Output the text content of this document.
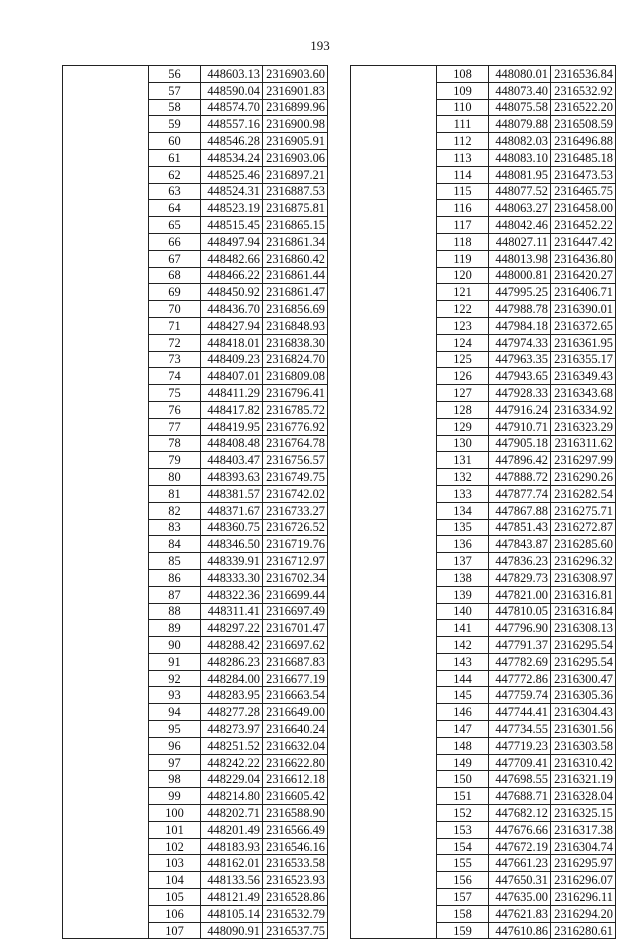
193
	56	448603.13	2316903.60
	57	448590.04	2316901.83
	58	448574.70	2316899.96
	59	448557.16	2316900.98
	60	448546.28	2316905.91
	61	448534.24	2316903.06
	62	448525.46	2316897.21
	63	448524.31	2316887.53
	64	448523.19	2316875.81
	65	448515.45	2316865.15
	66	448497.94	2316861.34
	67	448482.66	2316860.42
	68	448466.22	2316861.44
	69	448450.92	2316861.47
	70	448436.70	2316856.69
	71	448427.94	2316848.93
	72	448418.01	2316838.30
	73	448409.23	2316824.70
	74	448407.01	2316809.08
	75	448411.29	2316796.41
	76	448417.82	2316785.72
	77	448419.95	2316776.92
	78	448408.48	2316764.78
	79	448403.47	2316756.57
	80	448393.63	2316749.75
	81	448381.57	2316742.02
	82	448371.67	2316733.27
	83	448360.75	2316726.52
	84	448346.50	2316719.76
	85	448339.91	2316712.97
	86	448333.30	2316702.34
	87	448322.36	2316699.44
	88	448311.41	2316697.49
	89	448297.22	2316701.47
	90	448288.42	2316697.62
	91	448286.23	2316687.83
	92	448284.00	2316677.19
	93	448283.95	2316663.54
	94	448277.28	2316649.00
	95	448273.97	2316640.24
	96	448251.52	2316632.04
	97	448242.22	2316622.80
	98	448229.04	2316612.18
	99	448214.80	2316605.42
	100	448202.71	2316588.90
	101	448201.49	2316566.49
	102	448183.93	2316546.16
	103	448162.01	2316533.58
	104	448133.56	2316523.93
	105	448121.49	2316528.86
	106	448105.14	2316532.79
	107	448090.91	2316537.75
	108	448080.01	2316536.84
	109	448073.40	2316532.92
	110	448075.58	2316522.20
	111	448079.88	2316508.59
	112	448082.03	2316496.88
	113	448083.10	2316485.18
	114	448081.95	2316473.53
	115	448077.52	2316465.75
	116	448063.27	2316458.00
	117	448042.46	2316452.22
	118	448027.11	2316447.42
	119	448013.98	2316436.80
	120	448000.81	2316420.27
	121	447995.25	2316406.71
	122	447988.78	2316390.01
	123	447984.18	2316372.65
	124	447974.33	2316361.95
	125	447963.35	2316355.17
	126	447943.65	2316349.43
	127	447928.33	2316343.68
	128	447916.24	2316334.92
	129	447910.71	2316323.29
	130	447905.18	2316311.62
	131	447896.42	2316297.99
	132	447888.72	2316290.26
	133	447877.74	2316282.54
	134	447867.88	2316275.71
	135	447851.43	2316272.87
	136	447843.87	2316285.60
	137	447836.23	2316296.32
	138	447829.73	2316308.97
	139	447821.00	2316316.81
	140	447810.05	2316316.84
	141	447796.90	2316308.13
	142	447791.37	2316295.54
	143	447782.69	2316295.54
	144	447772.86	2316300.47
	145	447759.74	2316305.36
	146	447744.41	2316304.43
	147	447734.55	2316301.56
	148	447719.23	2316303.58
	149	447709.41	2316310.42
	150	447698.55	2316321.19
	151	447688.71	2316328.04
	152	447682.12	2316325.15
	153	447676.66	2316317.38
	154	447672.19	2316304.74
	155	447661.23	2316295.97
	156	447650.31	2316296.07
	157	447635.00	2316296.11
	158	447621.83	2316294.20
	159	447610.86	2316280.61
